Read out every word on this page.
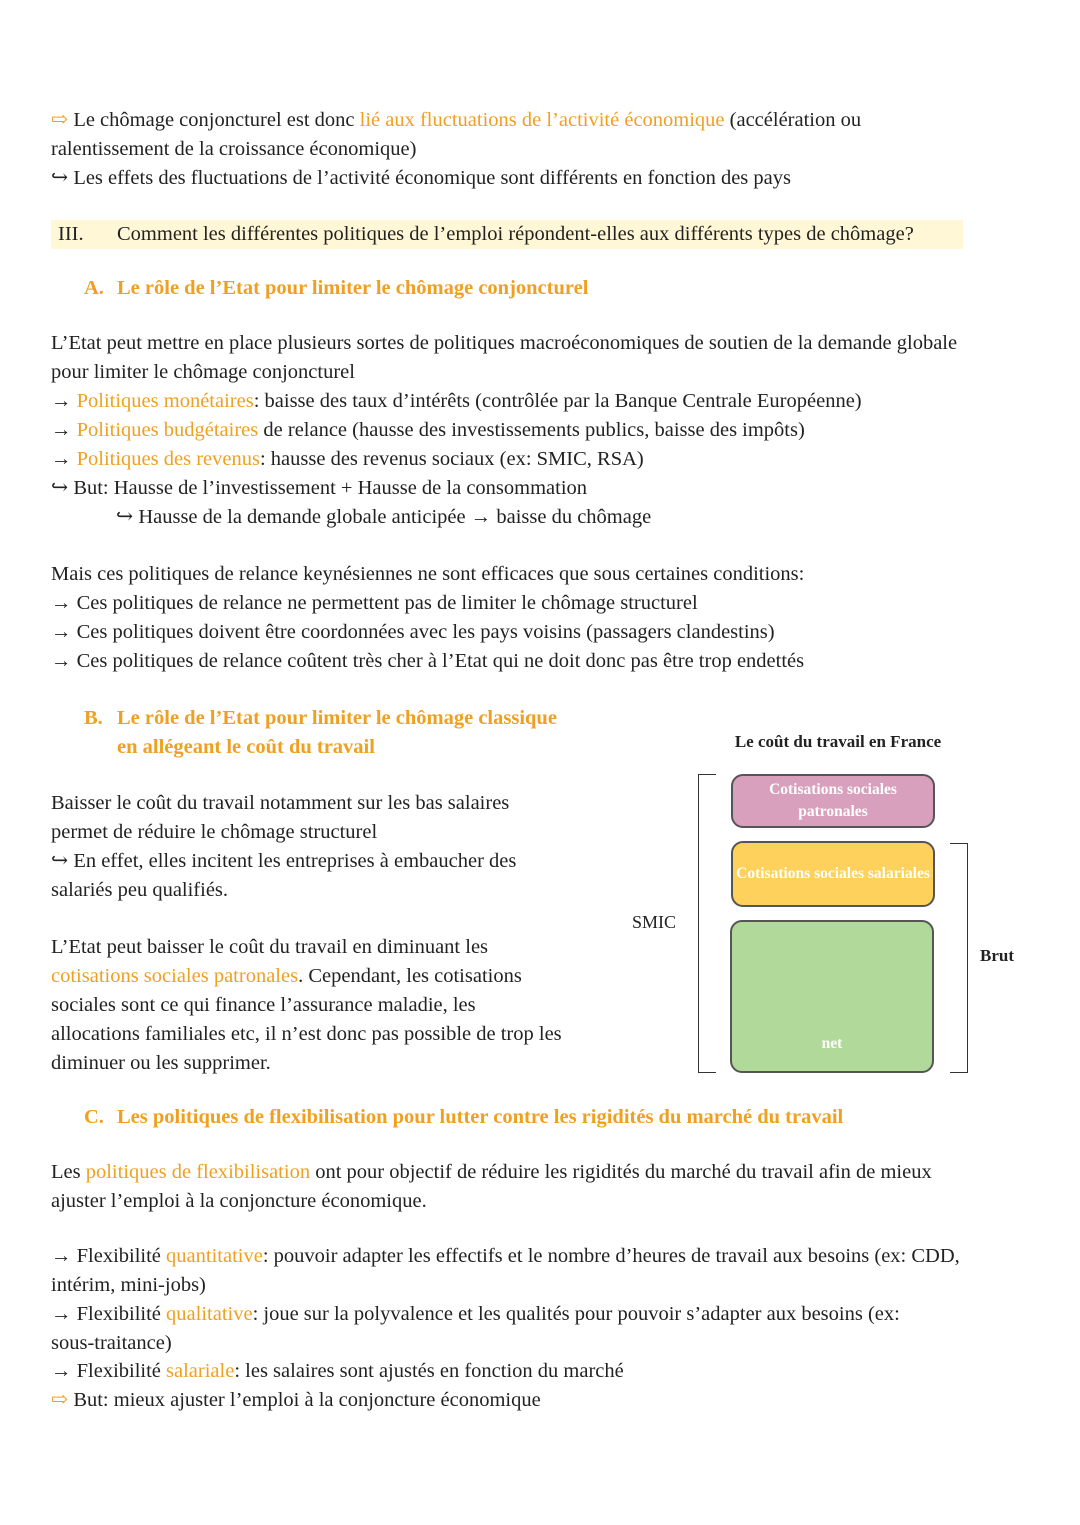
⇨ Le chômage conjoncturel est donc lié aux fluctuations de l’activité économique (accélération ou
ralentissement de la croissance économique)
↪ Les effets des fluctuations de l’activité économique sont différents en fonction des pays
III. Comment les différentes politiques de l’emploi répondent-elles aux différents types de chômage?
A. Le rôle de l’Etat pour limiter le chômage conjoncturel
L’Etat peut mettre en place plusieurs sortes de politiques macroéconomiques de soutien de la demande globale
pour limiter le chômage conjoncturel
→ Politiques monétaires: baisse des taux d’intérêts (contrôlée par la Banque Centrale Européenne)
→ Politiques budgétaires de relance (hausse des investissements publics, baisse des impôts)
→ Politiques des revenus: hausse des revenus sociaux (ex: SMIC, RSA)
↪ But: Hausse de l’investissement + Hausse de la consommation
↪ Hausse de la demande globale anticipée → baisse du chômage
Mais ces politiques de relance keynésiennes ne sont efficaces que sous certaines conditions:
→ Ces politiques de relance ne permettent pas de limiter le chômage structurel
→ Ces politiques doivent être coordonnées avec les pays voisins (passagers clandestins)
→ Ces politiques de relance coûtent très cher à l’Etat qui ne doit donc pas être trop endettés
B. Le rôle de l’Etat pour limiter le chômage classique
en allégeant le coût du travail
Baisser le coût du travail notamment sur les bas salaires
permet de réduire le chômage structurel
↪ En effet, elles incitent les entreprises à embaucher des
salariés peu qualifiés.
L’Etat peut baisser le coût du travail en diminuant les
cotisations sociales patronales. Cependant, les cotisations
sociales sont ce qui finance l’assurance maladie, les
allocations familiales etc, il n’est donc pas possible de trop les
diminuer ou les supprimer.
Le coût du travail en France
Cotisations sociales patronales
Cotisations sociales salariales
net
SMIC
Brut
C. Les politiques de flexibilisation pour lutter contre les rigidités du marché du travail
Les politiques de flexibilisation ont pour objectif de réduire les rigidités du marché du travail afin de mieux
ajuster l’emploi à la conjoncture économique.
→ Flexibilité quantitative: pouvoir adapter les effectifs et le nombre d’heures de travail aux besoins (ex: CDD,
intérim, mini-jobs)
→ Flexibilité qualitative: joue sur la polyvalence et les qualités pour pouvoir s’adapter aux besoins (ex:
sous-traitance)
→ Flexibilité salariale: les salaires sont ajustés en fonction du marché
⇨ But: mieux ajuster l’emploi à la conjoncture économique
